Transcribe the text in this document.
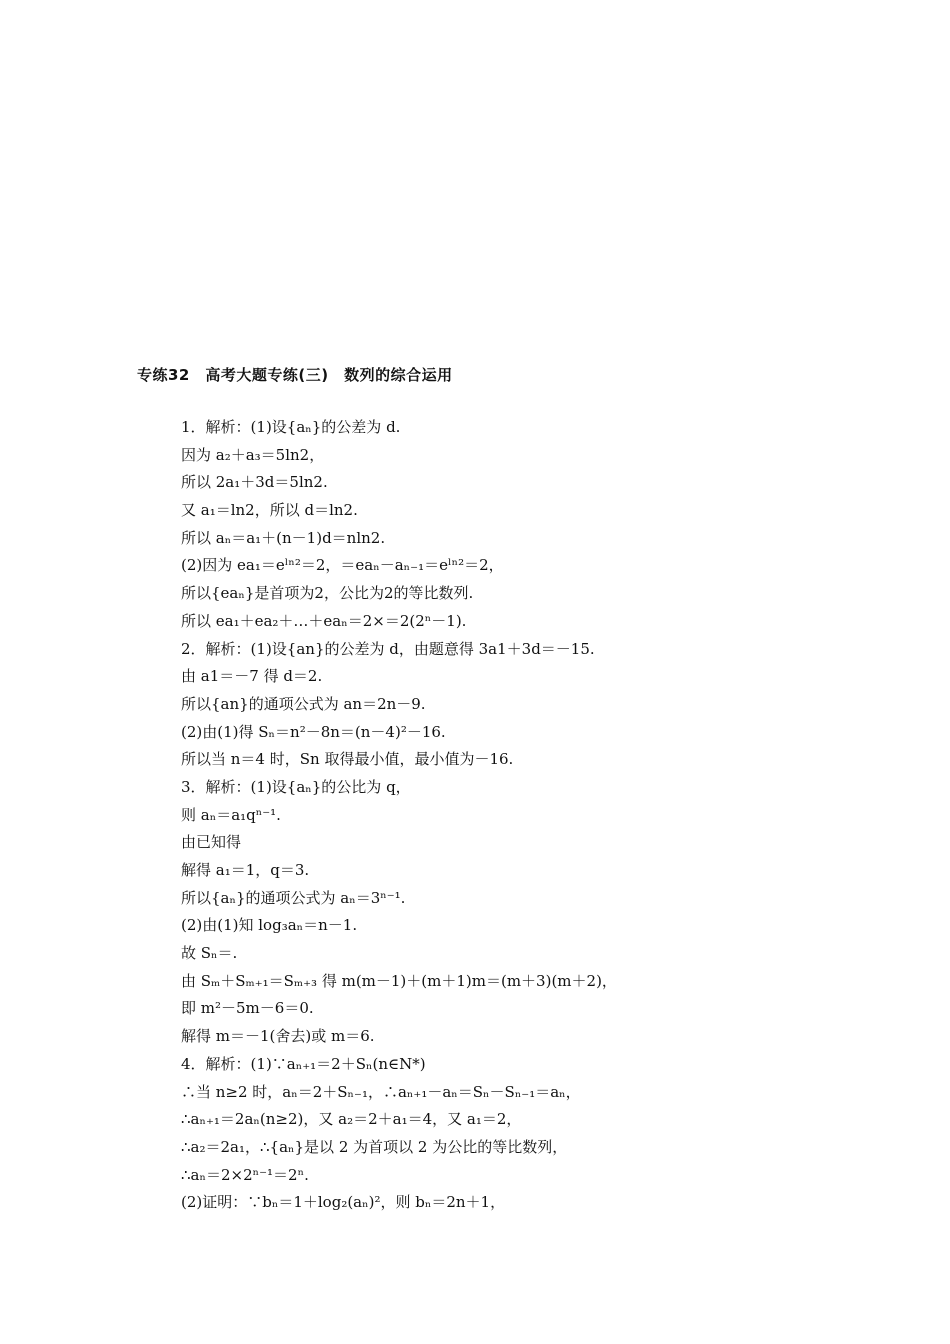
专练32　高考大题专练(三)　数列的综合运用
1．解析：(1)设{aₙ}的公差为 d.
因为 a₂＋a₃＝5ln2，
所以 2a₁＋3d＝5ln2.
又 a₁＝ln2，所以 d＝ln2.
所以 aₙ＝a₁＋(n－1)d＝nln2.
(2)因为 ea₁＝eˡⁿ²＝2，＝eaₙ－aₙ₋₁＝eˡⁿ²＝2，
所以{eaₙ}是首项为2，公比为2的等比数列.
所以 ea₁＋ea₂＋…＋eaₙ＝2×＝2(2ⁿ－1).
2．解析：(1)设{an}的公差为 d，由题意得 3a1＋3d＝－15.
由 a1＝－7 得 d＝2.
所以{an}的通项公式为 an＝2n－9.
(2)由(1)得 Sₙ＝n²－8n＝(n－4)²－16.
所以当 n＝4 时，Sn 取得最小值，最小值为－16.
3．解析：(1)设{aₙ}的公比为 q，
则 aₙ＝a₁qⁿ⁻¹.
由已知得
解得 a₁＝1，q＝3.
所以{aₙ}的通项公式为 aₙ＝3ⁿ⁻¹.
(2)由(1)知 log₃aₙ＝n－1.
故 Sₙ＝.
由 Sₘ＋Sₘ₊₁＝Sₘ₊₃ 得 m(m－1)＋(m＋1)m＝(m＋3)(m＋2)，
即 m²－5m－6＝0.
解得 m＝－1(舍去)或 m＝6.
4．解析：(1)∵aₙ₊₁＝2＋Sₙ(n∈N*)
∴当 n≥2 时，aₙ＝2＋Sₙ₋₁，∴aₙ₊₁－aₙ＝Sₙ－Sₙ₋₁＝aₙ，
∴aₙ₊₁＝2aₙ(n≥2)，又 a₂＝2＋a₁＝4，又 a₁＝2，
∴a₂＝2a₁，∴{aₙ}是以 2 为首项以 2 为公比的等比数列，
∴aₙ＝2×2ⁿ⁻¹＝2ⁿ.
(2)证明：∵bₙ＝1＋log₂(aₙ)²，则 bₙ＝2n＋1，
